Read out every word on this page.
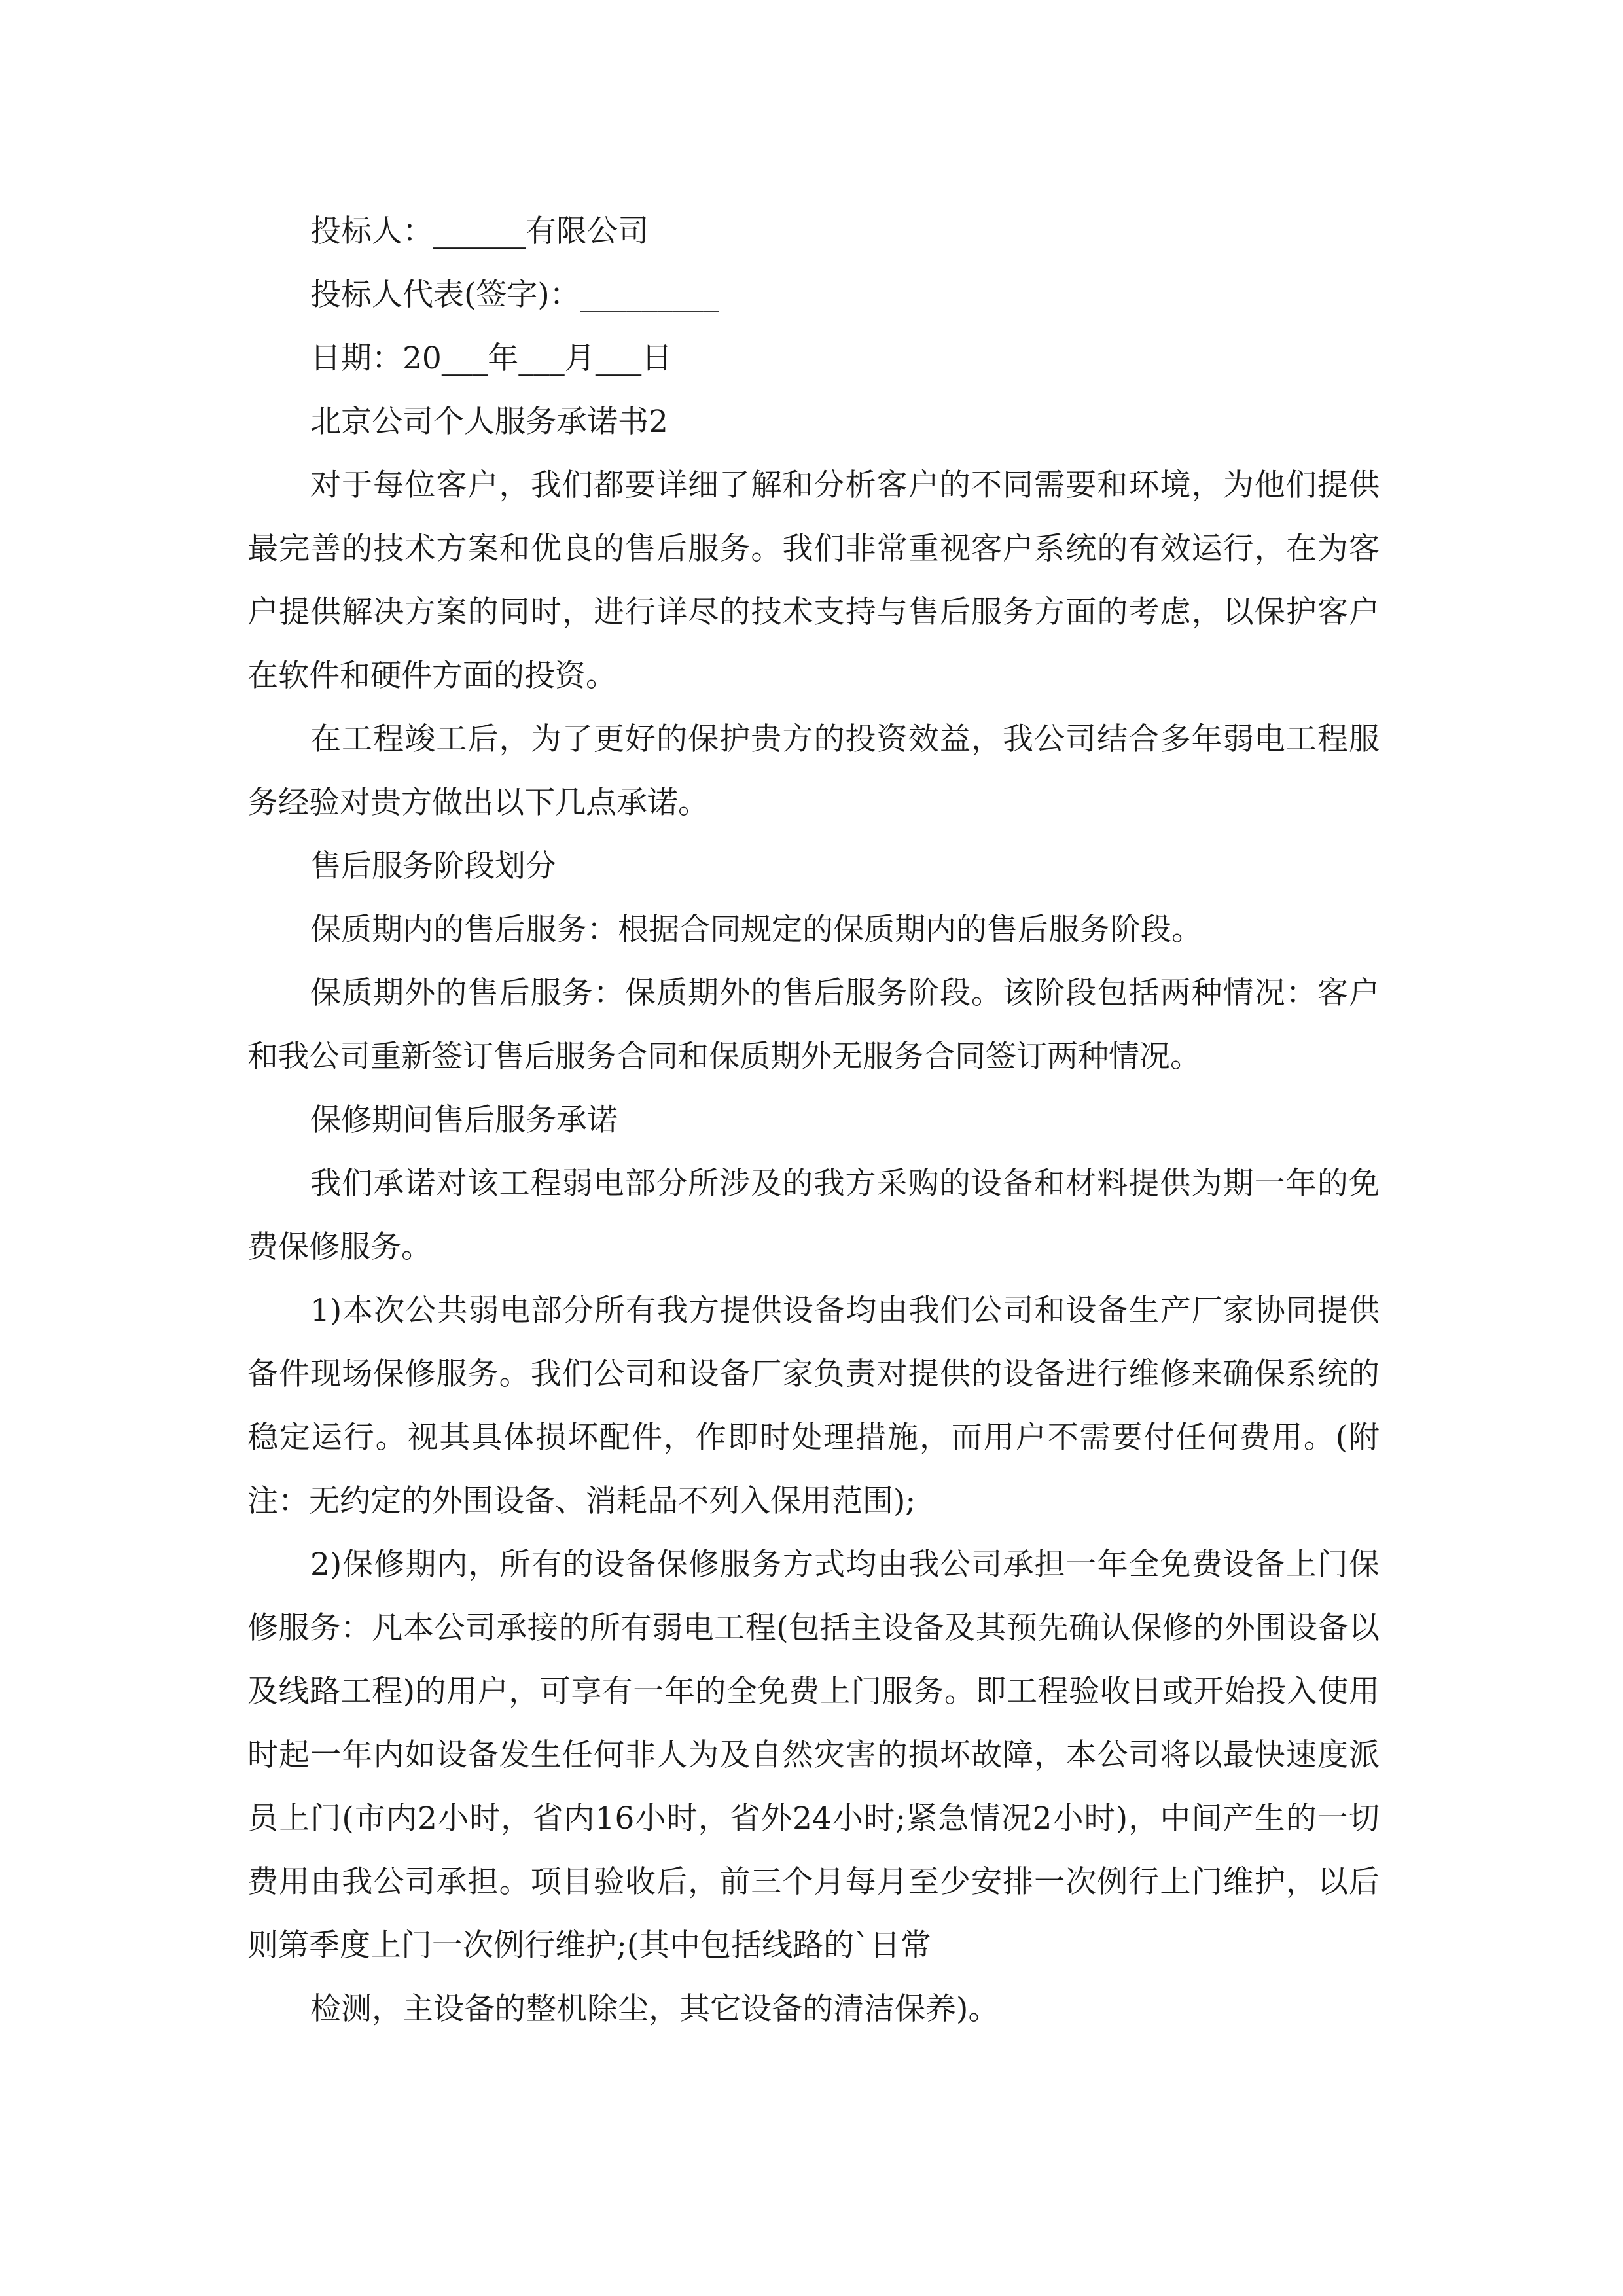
投标人：______有限公司

投标人代表(签字)：_________

日期：20___年___月___日

北京公司个人服务承诺书2

对于每位客户，我们都要详细了解和分析客户的不同需要和环境，为他们提供最完善的技术方案和优良的售后服务。我们非常重视客户系统的有效运行，在为客户提供解决方案的同时，进行详尽的技术支持与售后服务方面的考虑，以保护客户在软件和硬件方面的投资。

在工程竣工后，为了更好的保护贵方的投资效益，我公司结合多年弱电工程服务经验对贵方做出以下几点承诺。

售后服务阶段划分

保质期内的售后服务：根据合同规定的保质期内的售后服务阶段。

保质期外的售后服务：保质期外的售后服务阶段。该阶段包括两种情况：客户和我公司重新签订售后服务合同和保质期外无服务合同签订两种情况。

保修期间售后服务承诺

我们承诺对该工程弱电部分所涉及的我方采购的设备和材料提供为期一年的免费保修服务。

1)本次公共弱电部分所有我方提供设备均由我们公司和设备生产厂家协同提供备件现场保修服务。我们公司和设备厂家负责对提供的设备进行维修来确保系统的稳定运行。视其具体损坏配件，作即时处理措施，而用户不需要付任何费用。(附注：无约定的外围设备、消耗品不列入保用范围);

2)保修期内，所有的设备保修服务方式均由我公司承担一年全免费设备上门保修服务：凡本公司承接的所有弱电工程(包括主设备及其预先确认保修的外围设备以及线路工程)的用户，可享有一年的全免费上门服务。即工程验收日或开始投入使用时起一年内如设备发生任何非人为及自然灾害的损坏故障，本公司将以最快速度派员上门(市内2小时，省内16小时，省外24小时;紧急情况2小时)，中间产生的一切费用由我公司承担。项目验收后，前三个月每月至少安排一次例行上门维护，以后则第季度上门一次例行维护;(其中包括线路的`日常

检测，主设备的整机除尘，其它设备的清洁保养)。
